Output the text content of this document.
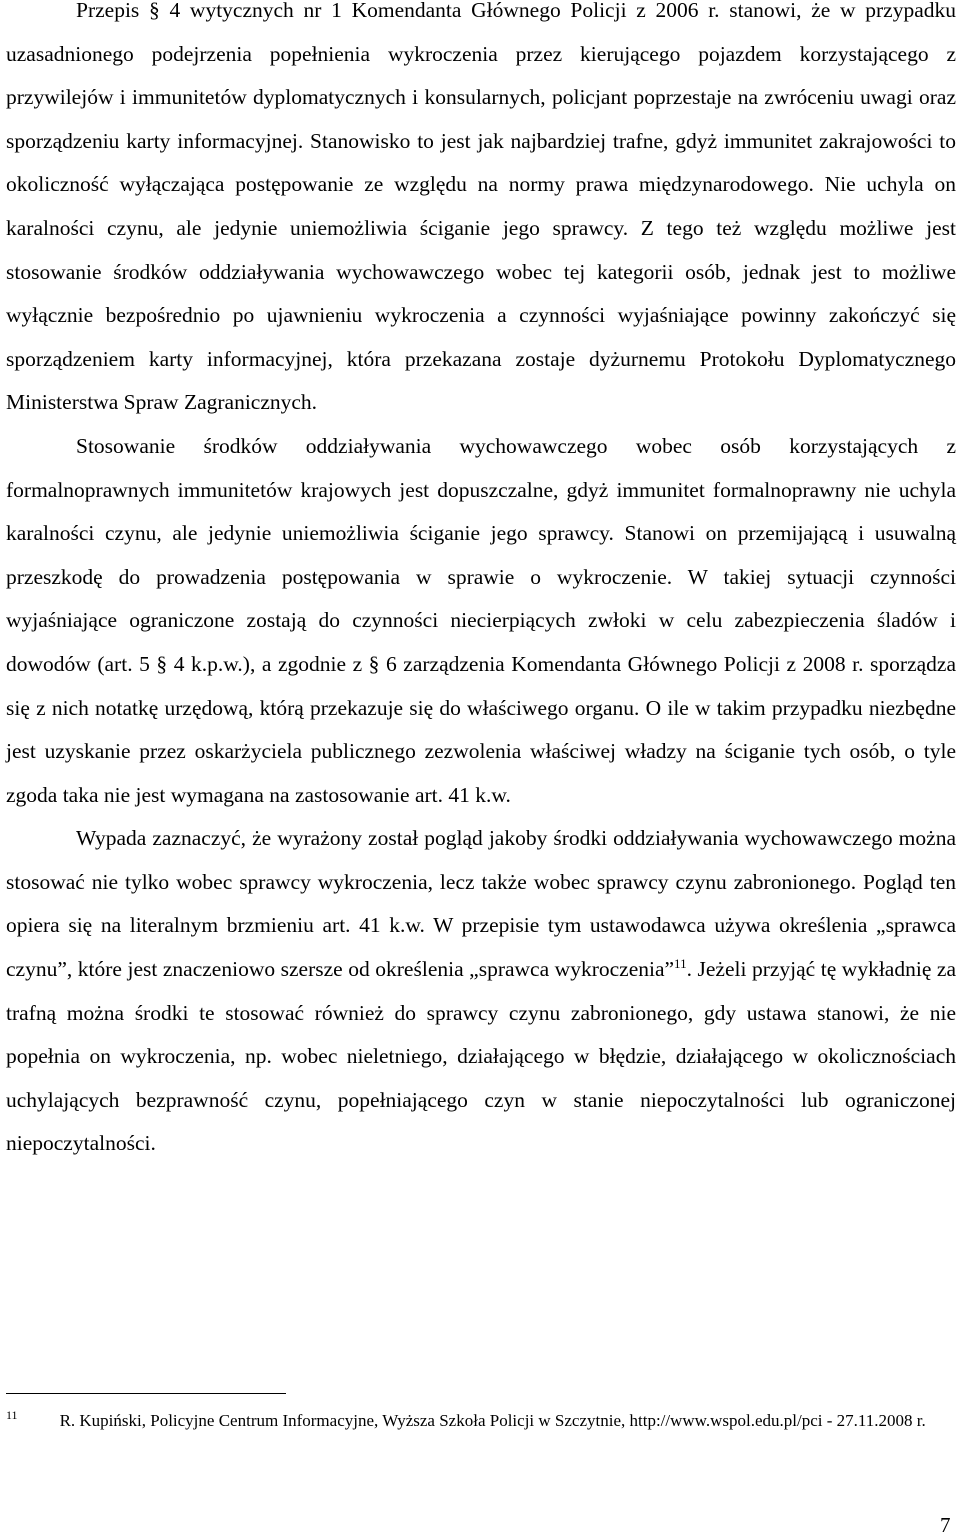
Przepis § 4 wytycznych nr 1 Komendanta Głównego Policji z 2006 r. stanowi, że w przypadku uzasadnionego podejrzenia popełnienia wykroczenia przez kierującego pojazdem korzystającego z przywilejów i immunitetów dyplomatycznych i konsularnych, policjant poprzestaje na zwróceniu uwagi oraz sporządzeniu karty informacyjnej. Stanowisko to jest jak najbardziej trafne, gdyż immunitet zakrajowości to okoliczność wyłączająca postępowanie ze względu na normy prawa międzynarodowego. Nie uchyla on karalności czynu, ale jedynie uniemożliwia ściganie jego sprawcy. Z tego też względu możliwe jest stosowanie środków oddziaływania wychowawczego wobec tej kategorii osób, jednak jest to możliwe wyłącznie bezpośrednio po ujawnieniu wykroczenia a czynności wyjaśniające powinny zakończyć się sporządzeniem karty informacyjnej, która przekazana zostaje dyżurnemu Protokołu Dyplomatycznego Ministerstwa Spraw Zagranicznych.

Stosowanie środków oddziaływania wychowawczego wobec osób korzystających z formalnoprawnych immunitetów krajowych jest dopuszczalne, gdyż immunitet formalnoprawny nie uchyla karalności czynu, ale jedynie uniemożliwia ściganie jego sprawcy. Stanowi on przemijającą i usuwalną przeszkodę do prowadzenia postępowania w sprawie o wykroczenie. W takiej sytuacji czynności wyjaśniające ograniczone zostają do czynności niecierpiących zwłoki w celu zabezpieczenia śladów i dowodów (art. 5 § 4 k.p.w.), a zgodnie z § 6 zarządzenia Komendanta Głównego Policji z 2008 r. sporządza się z nich notatkę urzędową, którą przekazuje się do właściwego organu. O ile w takim przypadku niezbędne jest uzyskanie przez oskarżyciela publicznego zezwolenia właściwej władzy na ściganie tych osób, o tyle zgoda taka nie jest wymagana na zastosowanie art. 41 k.w.

Wypada zaznaczyć, że wyrażony został pogląd jakoby środki oddziaływania wychowawczego można stosować nie tylko wobec sprawcy wykroczenia, lecz także wobec sprawcy czynu zabronionego. Pogląd ten opiera się na literalnym brzmieniu art. 41 k.w. W przepisie tym ustawodawca używa określenia „sprawca czynu”, które jest znaczeniowo szersze od określenia „sprawca wykroczenia”$^{11}$. Jeżeli przyjąć tę wykładnię za trafną można środki te stosować również do sprawcy czynu zabronionego, gdy ustawa stanowi, że nie popełnia on wykroczenia, np. wobec nieletniego, działającego w błędzie, działającego w okolicznościach uchylających bezprawność czynu, popełniającego czyn w stanie niepoczytalności lub ograniczonej niepoczytalności.

$^{11}$ R. Kupiński, Policyjne Centrum Informacyjne, Wyższa Szkoła Policji w Szczytnie, http://www.wspol.edu.pl/pci - 27.11.2008 r.
7
